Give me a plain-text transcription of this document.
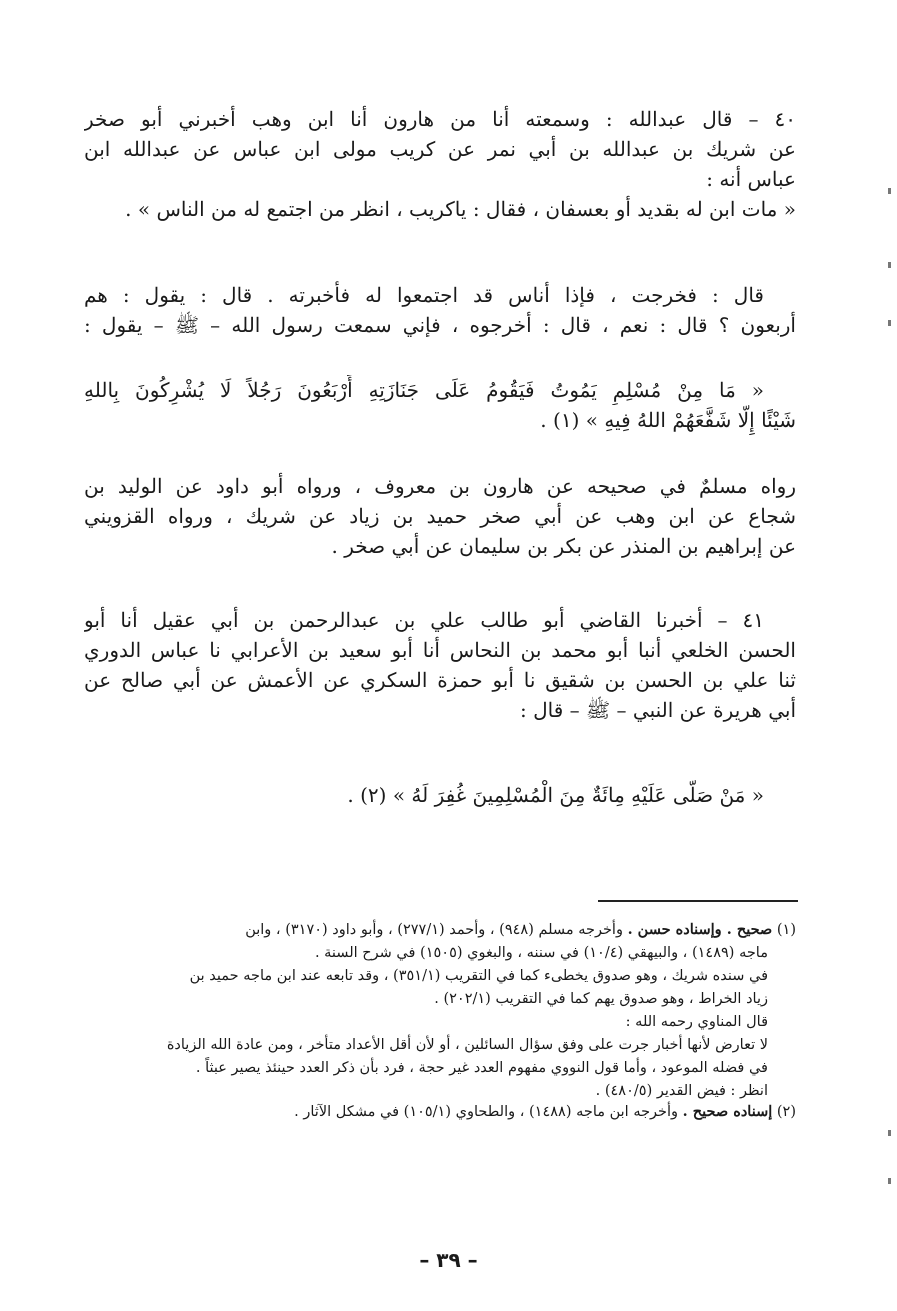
٤٠ – قال عبدالله : وسمعته أنا من هارون أنا ابن وهب أخبرني أبو صخر
عن شريك بن عبدالله بن أبي نمر عن كريب مولى ابن عباس عن عبدالله ابن
عباس أنه :
« مات ابن له بقديد أو بعسفان ، فقال : ياكريب ، انظر من اجتمع له من الناس » .
قال : فخرجت ، فإذا أناس قد اجتمعوا له فأخبرته . قال : يقول : هم
أربعون ؟ قال : نعم ، قال : أخرجوه ، فإني سمعت رسول الله – ﷺ – يقول :
« مَا مِنْ مُسْلِمٍ يَمُوتُ فَيَقُومُ عَلَى جَنَازَتِهِ أَرْبَعُونَ رَجُلاً لَا يُشْرِكُونَ بِاللهِ
شَيْئًا إِلَّا شَفَّعَهُمْ اللهُ فِيهِ » (١) .
رواه مسلمٌ في صحيحه عن هارون بن معروف ، ورواه أبو داود عن الوليد بن
شجاع عن ابن وهب عن أبي صخر حميد بن زياد عن شريك ، ورواه القزويني
عن إبراهيم بن المنذر عن بكر بن سليمان عن أبي صخر .
٤١ – أخبرنا القاضي أبو طالب علي بن عبدالرحمن بن أبي عقيل أنا أبو
الحسن الخلعي أنبا أبو محمد بن النحاس أنا أبو سعيد بن الأعرابي نا عباس الدوري
ثنا علي بن الحسن بن شقيق نا أبو حمزة السكري عن الأعمش عن أبي صالح عن
أبي هريرة عن النبي – ﷺ – قال :
« مَنْ صَلَّى عَلَيْهِ مِائَةٌ مِنَ الْمُسْلِمِينَ غُفِرَ لَهُ » (٢) .
(١) صحيح . وإسناده حسن . وأخرجه مسلم (٩٤٨) ، وأحمد (٢٧٧/١) ، وأبو داود (٣١٧٠) ، وابن
ماجه (١٤٨٩) ، والبيهقي (١٠/٤) في سننه ، والبغوي (١٥٠٥) في شرح السنة .
في سنده شريك ، وهو صدوق يخطىء كما في التقريب (٣٥١/١) ، وقد تابعه عند ابن ماجه حميد بن
زياد الخراط ، وهو صدوق يهم كما في التقريب (٢٠٢/١) .
قال المناوي رحمه الله :
لا تعارض لأنها أخبار جرت على وفق سؤال السائلين ، أو لأن أقل الأعداد متأخر ، ومن عادة الله الزيادة
في فضله الموعود ، وأما قول النووي مفهوم العدد غير حجة ، فرد بأن ذكر العدد حينئذ يصير عبثاً .
انظر : فيض القدير (٤٨٠/٥) .
(٢) إسناده صحيح . وأخرجه ابن ماجه (١٤٨٨) ، والطحاوي (١٠٥/١) في مشكل الآثار .
– ٣٩ –
